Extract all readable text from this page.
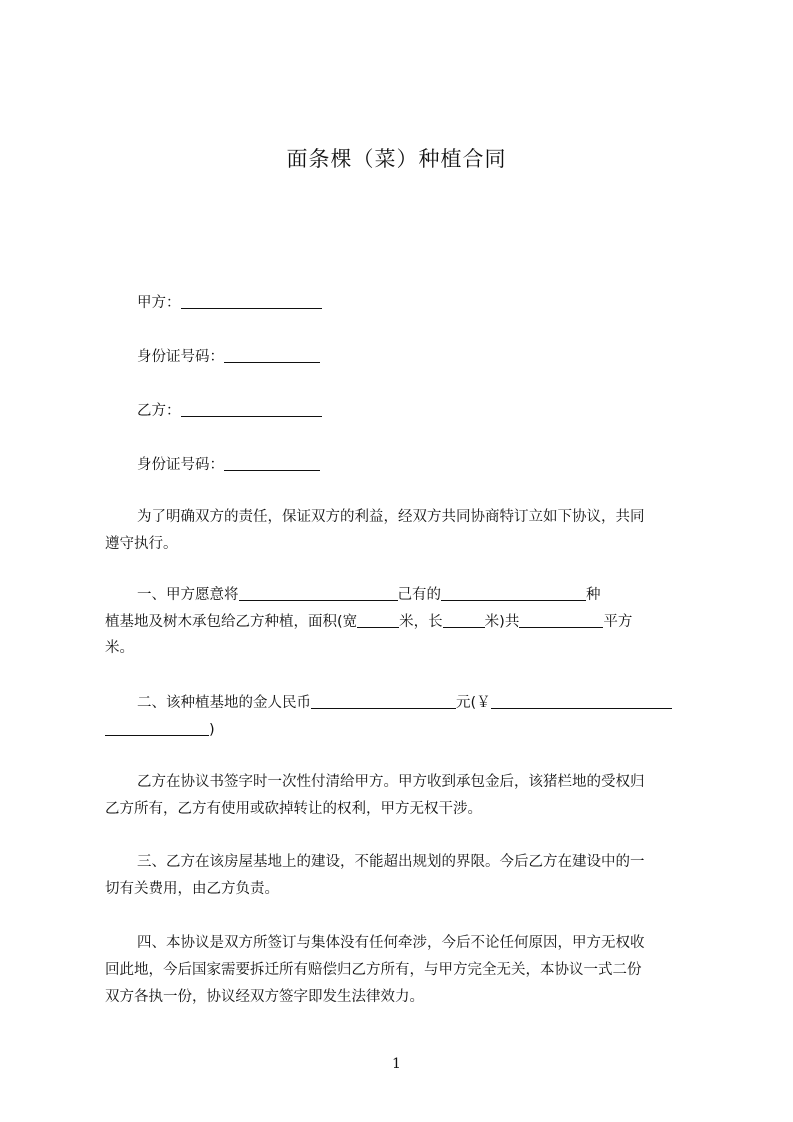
面条棵（菜）种植合同
甲方：
身份证号码：
乙方：
身份证号码：
为了明确双方的责任，保证双方的利益，经双方共同协商特订立如下协议，共同
遵守执行。
一、甲方愿意将	己有的	种
植基地及树木承包给乙方种植，面积(宽	米，长	米)共	平方
米。
二、该种植基地的金人民币	元(￥
)
乙方在协议书签字时一次性付清给甲方。甲方收到承包金后，该猪栏地的受权归
乙方所有，乙方有使用或砍掉转让的权利，甲方无权干涉。
三、乙方在该房屋基地上的建设，不能超出规划的界限。今后乙方在建设中的一
切有关费用，由乙方负责。
四、本协议是双方所签订与集体没有任何牵涉，今后不论任何原因，甲方无权收
回此地，今后国家需要拆迁所有赔偿归乙方所有，与甲方完全无关，本协议一式二份
双方各执一份，协议经双方签字即发生法律效力。
1
